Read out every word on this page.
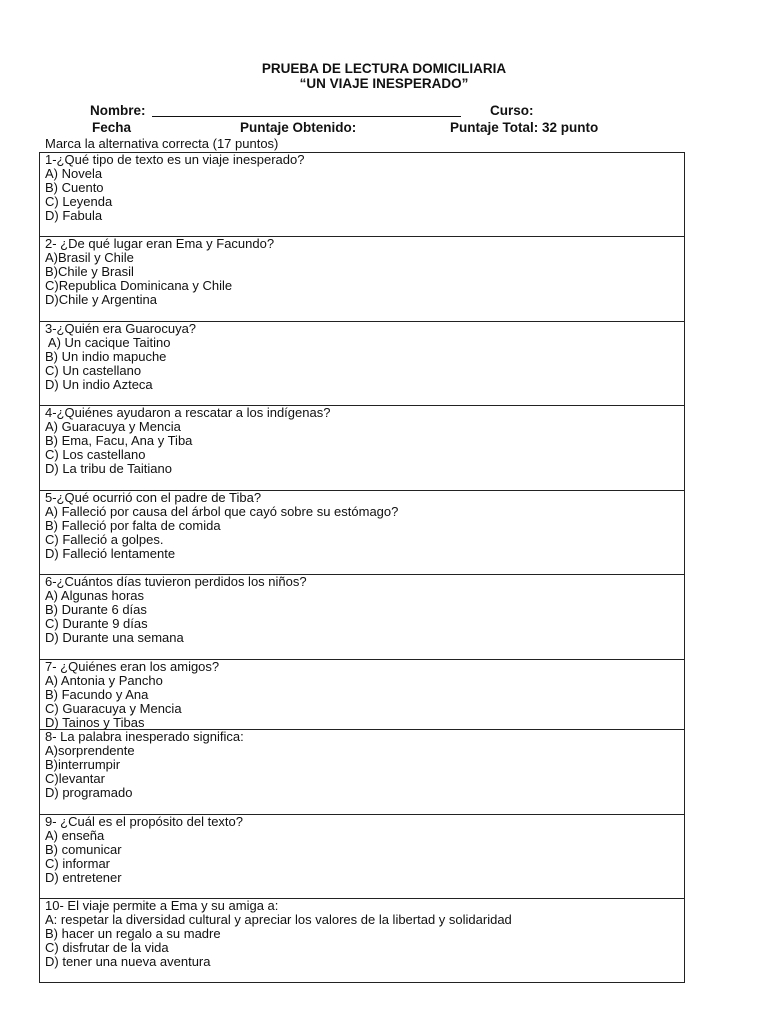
PRUEBA DE LECTURA DOMICILIARIA
“UN VIAJE INESPERADO”
Nombre:	Curso:
Fecha	Puntaje Obtenido:	Puntaje Total: 32 punto
Marca la alternativa correcta (17 puntos)
1-¿Qué tipo de texto es un viaje inesperado?
A) Novela
B) Cuento
C) Leyenda
D) Fabula
2- ¿De qué lugar eran Ema y Facundo?
A)Brasil y Chile
B)Chile y Brasil
C)Republica Dominicana y Chile
D)Chile y Argentina
3-¿Quién era Guarocuya?
A) Un cacique Taitino
B) Un indio mapuche
C) Un castellano
D) Un indio Azteca
4-¿Quiénes ayudaron a rescatar a los indígenas?
A) Guaracuya y Mencia
B) Ema, Facu, Ana y Tiba
C) Los castellano
D) La tribu de Taitiano
5-¿Qué ocurrió con el padre de Tiba?
A) Falleció por causa del árbol que cayó sobre su estómago?
B) Falleció por falta de comida
C) Falleció a golpes.
D) Falleció lentamente
6-¿Cuántos días tuvieron perdidos los niños?
A) Algunas horas
B) Durante 6 días
C) Durante 9 días
D) Durante una semana
7- ¿Quiénes eran los amigos?
A) Antonia y Pancho
B) Facundo y Ana
C) Guaracuya y Mencia
D) Tainos y Tibas
8- La palabra inesperado significa:
A)sorprendente
B)interrumpir
C)levantar
D) programado
9- ¿Cuál es el propósito del texto?
A) enseña
B) comunicar
C) informar
D) entretener
10- El viaje permite a Ema y su amiga a:
A: respetar la diversidad cultural y apreciar los valores de la libertad y solidaridad
B) hacer un regalo a su madre
C) disfrutar de la vida
D) tener una nueva aventura
